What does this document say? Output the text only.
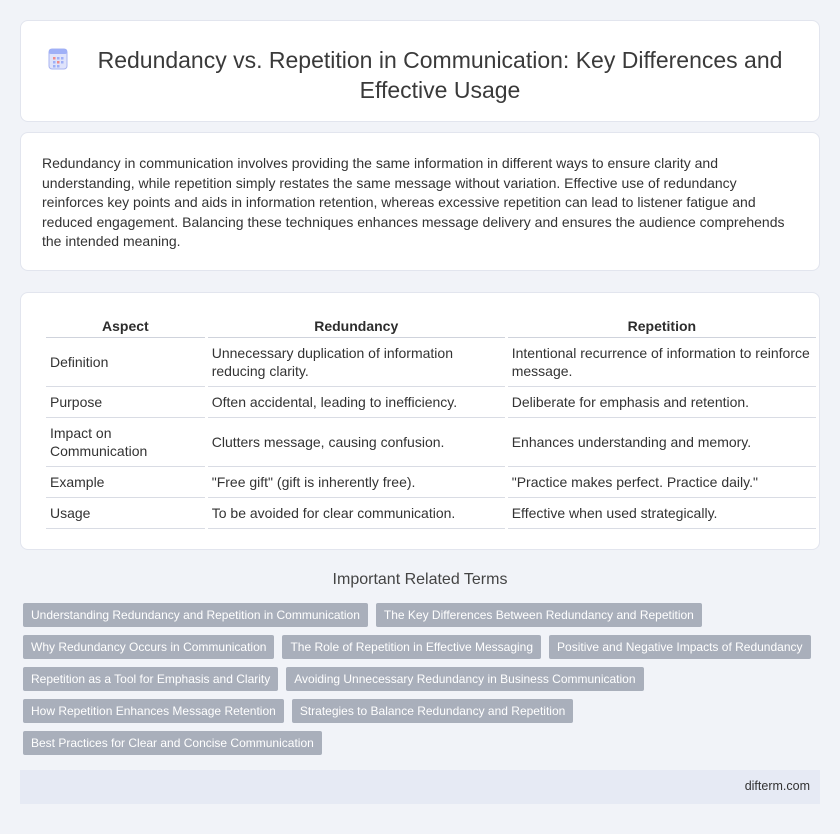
Redundancy vs. Repetition in Communication: Key Differences and Effective Usage

Redundancy in communication involves providing the same information in different ways to ensure clarity and understanding, while repetition simply restates the same message without variation. Effective use of redundancy reinforces key points and aids in information retention, whereas excessive repetition can lead to listener fatigue and reduced engagement. Balancing these techniques enhances message delivery and ensures the audience comprehends the intended meaning.

Aspect	Redundancy	Repetition
Definition	Unnecessary duplication of information reducing clarity.	Intentional recurrence of information to reinforce message.
Purpose	Often accidental, leading to inefficiency.	Deliberate for emphasis and retention.
Impact on Communication	Clutters message, causing confusion.	Enhances understanding and memory.
Example	"Free gift" (gift is inherently free).	"Practice makes perfect. Practice daily."
Usage	To be avoided for clear communication.	Effective when used strategically.
Important Related Terms
Understanding Redundancy and Repetition in Communication	The Key Differences Between Redundancy and Repetition
Why Redundancy Occurs in Communication	The Role of Repetition in Effective Messaging	Positive and Negative Impacts of Redundancy
Repetition as a Tool for Emphasis and Clarity	Avoiding Unnecessary Redundancy in Business Communication
How Repetition Enhances Message Retention	Strategies to Balance Redundancy and Repetition
Best Practices for Clear and Concise Communication
difterm.com
